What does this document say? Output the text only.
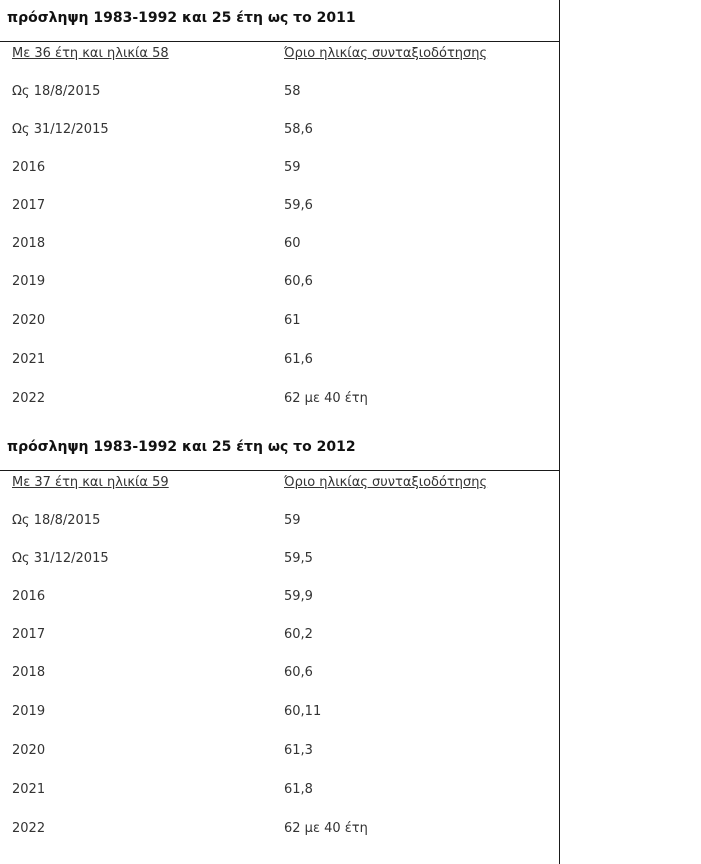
πρόσληψη 1983-1992 και 25 έτη ως το 2011
Με 36 έτη και ηλικία 58	Όριο ηλικίας συνταξιοδότησης
Ως 18/8/2015	58
Ως 31/12/2015	58,6
2016	59
2017	59,6
2018	60
2019	60,6
2020	61
2021	61,6
2022	62 με 40 έτη
πρόσληψη 1983-1992 και 25 έτη ως το 2012
Με 37 έτη και ηλικία 59	Όριο ηλικίας συνταξιοδότησης
Ως 18/8/2015	59
Ως 31/12/2015	59,5
2016	59,9
2017	60,2
2018	60,6
2019	60,11
2020	61,3
2021	61,8
2022	62 με 40 έτη
